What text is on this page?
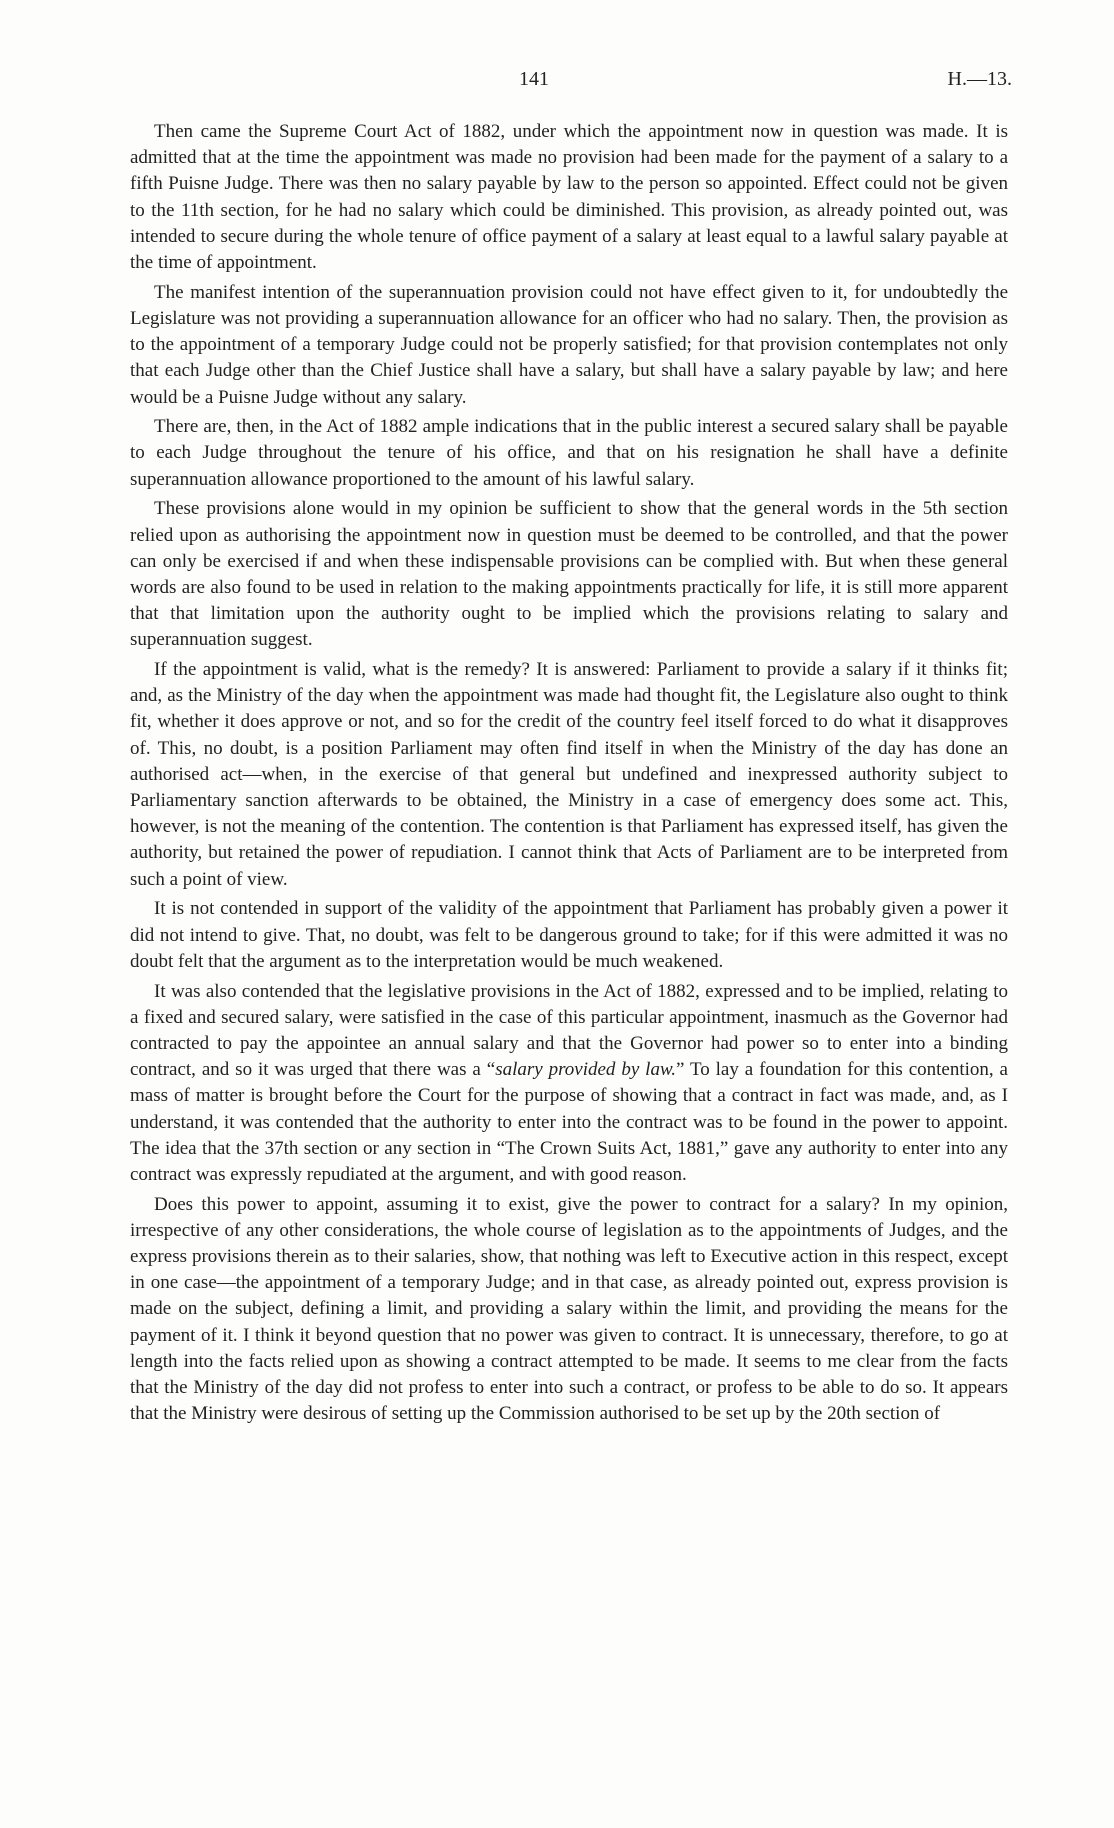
141	H.—13.

Then came the Supreme Court Act of 1882, under which the appointment now in question was made. It is admitted that at the time the appointment was made no provision had been made for the payment of a salary to a fifth Puisne Judge. There was then no salary payable by law to the person so appointed. Effect could not be given to the 11th section, for he had no salary which could be diminished. This provision, as already pointed out, was intended to secure during the whole tenure of office payment of a salary at least equal to a lawful salary payable at the time of appointment.

The manifest intention of the superannuation provision could not have effect given to it, for undoubtedly the Legislature was not providing a superannuation allowance for an officer who had no salary. Then, the provision as to the appointment of a temporary Judge could not be properly satisfied; for that provision contemplates not only that each Judge other than the Chief Justice shall have a salary, but shall have a salary payable by law; and here would be a Puisne Judge without any salary.

There are, then, in the Act of 1882 ample indications that in the public interest a secured salary shall be payable to each Judge throughout the tenure of his office, and that on his resignation he shall have a definite superannuation allowance proportioned to the amount of his lawful salary.

These provisions alone would in my opinion be sufficient to show that the general words in the 5th section relied upon as authorising the appointment now in question must be deemed to be controlled, and that the power can only be exercised if and when these indispensable provisions can be complied with. But when these general words are also found to be used in relation to the making appointments practically for life, it is still more apparent that that limitation upon the authority ought to be implied which the provisions relating to salary and superannuation suggest.

If the appointment is valid, what is the remedy? It is answered: Parliament to provide a salary if it thinks fit; and, as the Ministry of the day when the appointment was made had thought fit, the Legislature also ought to think fit, whether it does approve or not, and so for the credit of the country feel itself forced to do what it disapproves of. This, no doubt, is a position Parliament may often find itself in when the Ministry of the day has done an authorised act—when, in the exercise of that general but undefined and inexpressed authority subject to Parliamentary sanction afterwards to be obtained, the Ministry in a case of emergency does some act. This, however, is not the meaning of the contention. The contention is that Parliament has expressed itself, has given the authority, but retained the power of repudiation. I cannot think that Acts of Parliament are to be interpreted from such a point of view.

It is not contended in support of the validity of the appointment that Parliament has probably given a power it did not intend to give. That, no doubt, was felt to be dangerous ground to take; for if this were admitted it was no doubt felt that the argument as to the interpretation would be much weakened.

It was also contended that the legislative provisions in the Act of 1882, expressed and to be implied, relating to a fixed and secured salary, were satisfied in the case of this particular appointment, inasmuch as the Governor had contracted to pay the appointee an annual salary and that the Governor had power so to enter into a binding contract, and so it was urged that there was a “salary provided by law.” To lay a foundation for this contention, a mass of matter is brought before the Court for the purpose of showing that a contract in fact was made, and, as I understand, it was contended that the authority to enter into the contract was to be found in the power to appoint. The idea that the 37th section or any section in “The Crown Suits Act, 1881,” gave any authority to enter into any contract was expressly repudiated at the argument, and with good reason.

Does this power to appoint, assuming it to exist, give the power to contract for a salary? In my opinion, irrespective of any other considerations, the whole course of legislation as to the appointments of Judges, and the express provisions therein as to their salaries, show, that nothing was left to Executive action in this respect, except in one case—the appointment of a temporary Judge; and in that case, as already pointed out, express provision is made on the subject, defining a limit, and providing a salary within the limit, and providing the means for the payment of it. I think it beyond question that no power was given to contract. It is unnecessary, therefore, to go at length into the facts relied upon as showing a contract attempted to be made. It seems to me clear from the facts that the Ministry of the day did not profess to enter into such a contract, or profess to be able to do so. It appears that the Ministry were desirous of setting up the Commission authorised to be set up by the 20th section of
